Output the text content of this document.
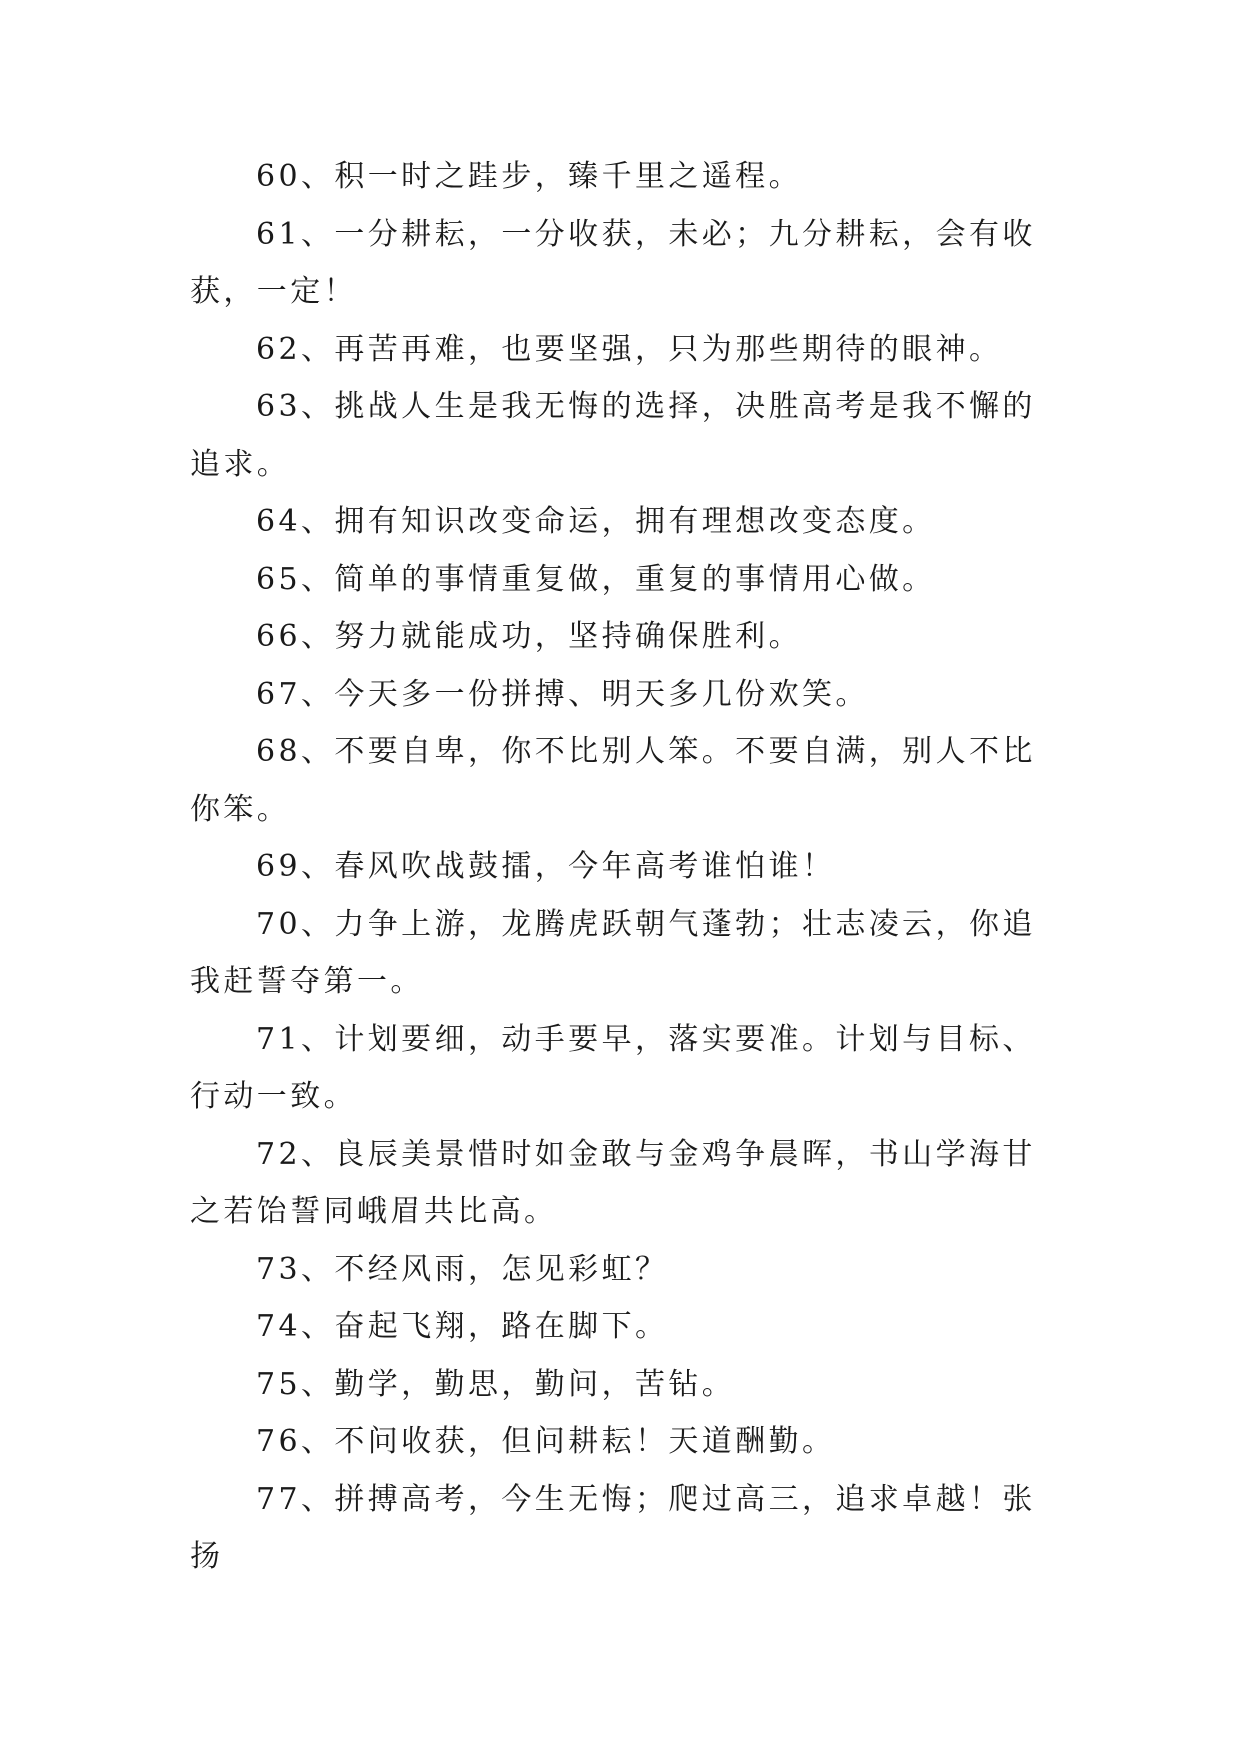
60、积一时之跬步，臻千里之遥程。

61、一分耕耘，一分收获，未必；九分耕耘，会有收获，一定！

62、再苦再难，也要坚强，只为那些期待的眼神。

63、挑战人生是我无悔的选择，决胜高考是我不懈的追求。

64、拥有知识改变命运，拥有理想改变态度。

65、简单的事情重复做，重复的事情用心做。

66、努力就能成功，坚持确保胜利。

67、今天多一份拼搏、明天多几份欢笑。

68、不要自卑，你不比别人笨。不要自满，别人不比你笨。

69、春风吹战鼓擂，今年高考谁怕谁！

70、力争上游，龙腾虎跃朝气蓬勃；壮志凌云，你追我赶誓夺第一。

71、计划要细，动手要早，落实要准。计划与目标、行动一致。

72、良辰美景惜时如金敢与金鸡争晨晖，书山学海甘之若饴誓同峨眉共比高。

73、不经风雨，怎见彩虹？

74、奋起飞翔，路在脚下。

75、勤学，勤思，勤问，苦钻。

76、不问收获，但问耕耘！天道酬勤。

77、拼搏高考，今生无悔；爬过高三，追求卓越！张扬
